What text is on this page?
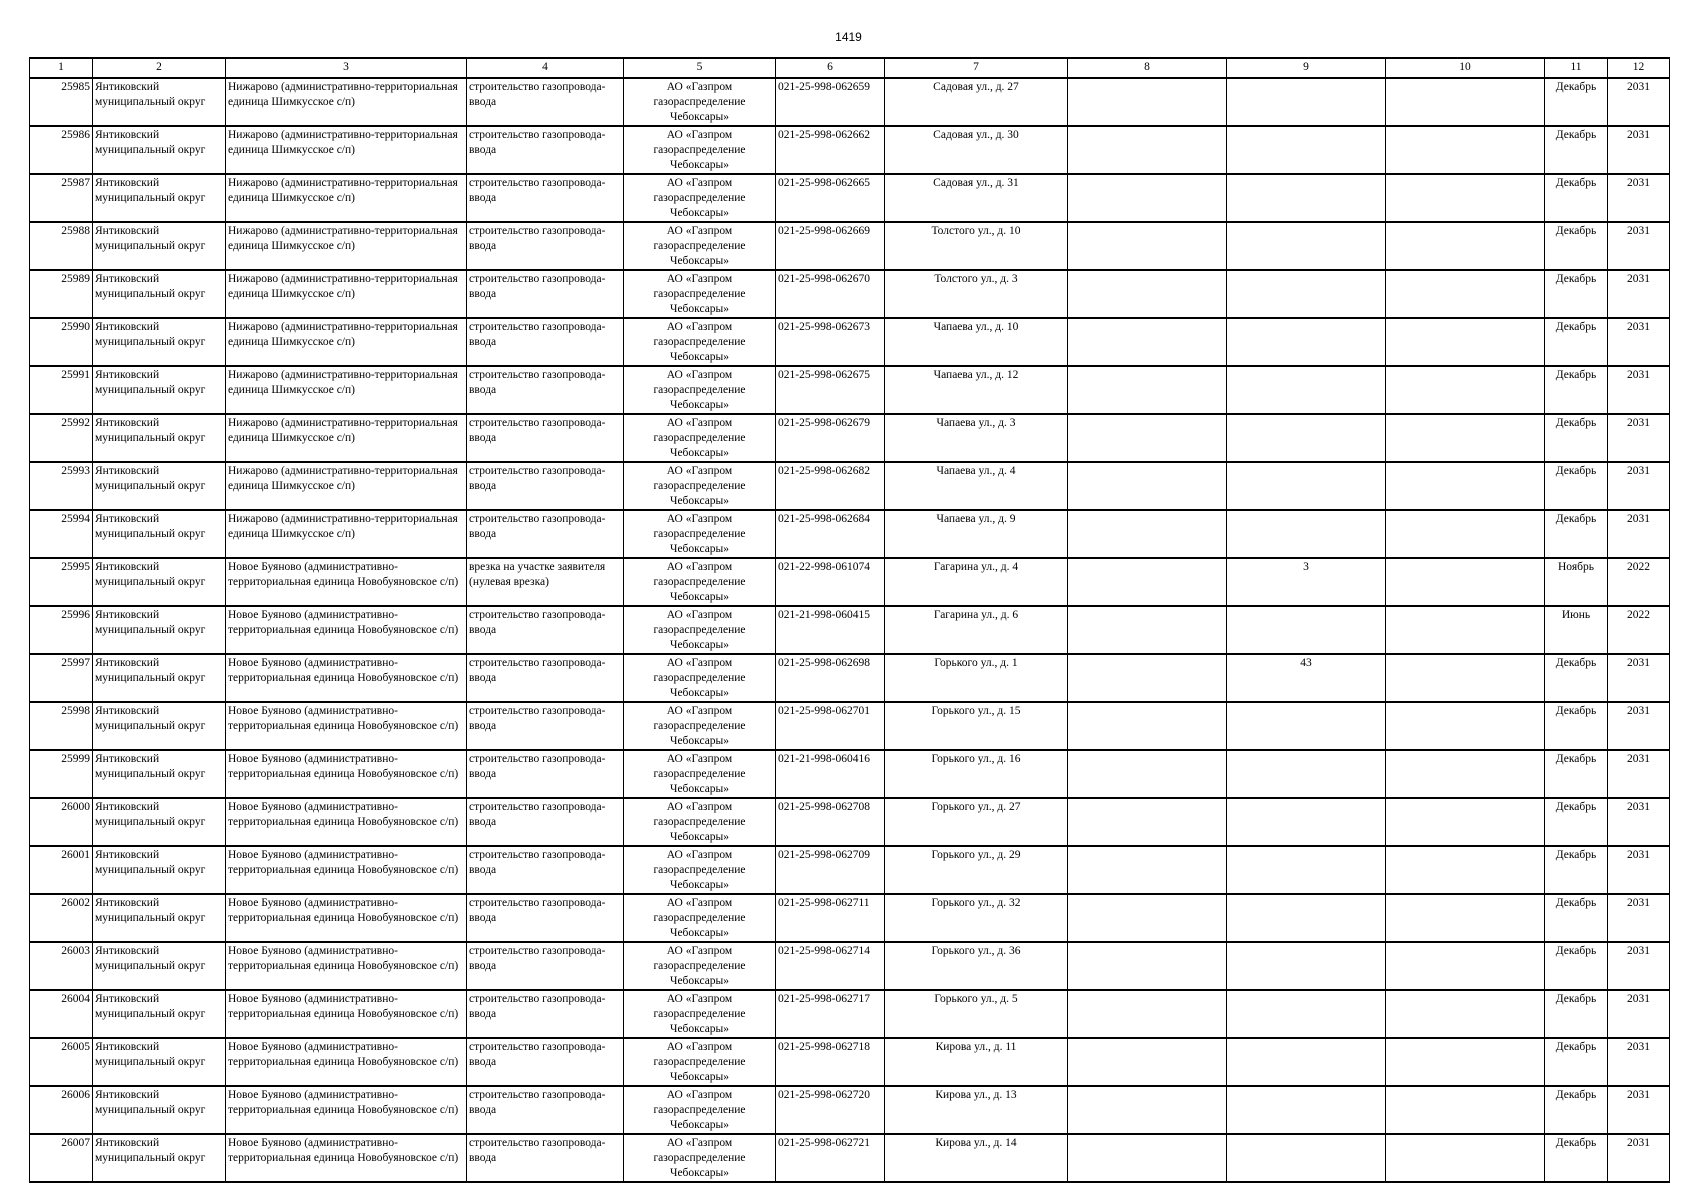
1419
1	2	3	4	5	6	7	8	9	10	11	12
25985	Янтиковский муниципальный округ	Нижарово (административно-территориальная единица Шимкусское с/п)	строительство газопровода-ввода	АО «Газпром газораспределение Чебоксары»	021-25-998-062659	Садовая ул., д. 27				Декабрь	2031
25986	Янтиковский муниципальный округ	Нижарово (административно-территориальная единица Шимкусское с/п)	строительство газопровода-ввода	АО «Газпром газораспределение Чебоксары»	021-25-998-062662	Садовая ул., д. 30				Декабрь	2031
25987	Янтиковский муниципальный округ	Нижарово (административно-территориальная единица Шимкусское с/п)	строительство газопровода-ввода	АО «Газпром газораспределение Чебоксары»	021-25-998-062665	Садовая ул., д. 31				Декабрь	2031
25988	Янтиковский муниципальный округ	Нижарово (административно-территориальная единица Шимкусское с/п)	строительство газопровода-ввода	АО «Газпром газораспределение Чебоксары»	021-25-998-062669	Толстого ул., д. 10				Декабрь	2031
25989	Янтиковский муниципальный округ	Нижарово (административно-территориальная единица Шимкусское с/п)	строительство газопровода-ввода	АО «Газпром газораспределение Чебоксары»	021-25-998-062670	Толстого ул., д. 3				Декабрь	2031
25990	Янтиковский муниципальный округ	Нижарово (административно-территориальная единица Шимкусское с/п)	строительство газопровода-ввода	АО «Газпром газораспределение Чебоксары»	021-25-998-062673	Чапаева ул., д. 10				Декабрь	2031
25991	Янтиковский муниципальный округ	Нижарово (административно-территориальная единица Шимкусское с/п)	строительство газопровода-ввода	АО «Газпром газораспределение Чебоксары»	021-25-998-062675	Чапаева ул., д. 12				Декабрь	2031
25992	Янтиковский муниципальный округ	Нижарово (административно-территориальная единица Шимкусское с/п)	строительство газопровода-ввода	АО «Газпром газораспределение Чебоксары»	021-25-998-062679	Чапаева ул., д. 3				Декабрь	2031
25993	Янтиковский муниципальный округ	Нижарово (административно-территориальная единица Шимкусское с/п)	строительство газопровода-ввода	АО «Газпром газораспределение Чебоксары»	021-25-998-062682	Чапаева ул., д. 4				Декабрь	2031
25994	Янтиковский муниципальный округ	Нижарово (административно-территориальная единица Шимкусское с/п)	строительство газопровода-ввода	АО «Газпром газораспределение Чебоксары»	021-25-998-062684	Чапаева ул., д. 9				Декабрь	2031
25995	Янтиковский муниципальный округ	Новое Буяново (административно-территориальная единица Новобуяновское с/п)	врезка на участке заявителя (нулевая врезка)	АО «Газпром газораспределение Чебоксары»	021-22-998-061074	Гагарина ул., д. 4		3		Ноябрь	2022
25996	Янтиковский муниципальный округ	Новое Буяново (административно-территориальная единица Новобуяновское с/п)	строительство газопровода-ввода	АО «Газпром газораспределение Чебоксары»	021-21-998-060415	Гагарина ул., д. 6				Июнь	2022
25997	Янтиковский муниципальный округ	Новое Буяново (административно-территориальная единица Новобуяновское с/п)	строительство газопровода-ввода	АО «Газпром газораспределение Чебоксары»	021-25-998-062698	Горького ул., д. 1		43		Декабрь	2031
25998	Янтиковский муниципальный округ	Новое Буяново (административно-территориальная единица Новобуяновское с/п)	строительство газопровода-ввода	АО «Газпром газораспределение Чебоксары»	021-25-998-062701	Горького ул., д. 15				Декабрь	2031
25999	Янтиковский муниципальный округ	Новое Буяново (административно-территориальная единица Новобуяновское с/п)	строительство газопровода-ввода	АО «Газпром газораспределение Чебоксары»	021-21-998-060416	Горького ул., д. 16				Декабрь	2031
26000	Янтиковский муниципальный округ	Новое Буяново (административно-территориальная единица Новобуяновское с/п)	строительство газопровода-ввода	АО «Газпром газораспределение Чебоксары»	021-25-998-062708	Горького ул., д. 27				Декабрь	2031
26001	Янтиковский муниципальный округ	Новое Буяново (административно-территориальная единица Новобуяновское с/п)	строительство газопровода-ввода	АО «Газпром газораспределение Чебоксары»	021-25-998-062709	Горького ул., д. 29				Декабрь	2031
26002	Янтиковский муниципальный округ	Новое Буяново (административно-территориальная единица Новобуяновское с/п)	строительство газопровода-ввода	АО «Газпром газораспределение Чебоксары»	021-25-998-062711	Горького ул., д. 32				Декабрь	2031
26003	Янтиковский муниципальный округ	Новое Буяново (административно-территориальная единица Новобуяновское с/п)	строительство газопровода-ввода	АО «Газпром газораспределение Чебоксары»	021-25-998-062714	Горького ул., д. 36				Декабрь	2031
26004	Янтиковский муниципальный округ	Новое Буяново (административно-территориальная единица Новобуяновское с/п)	строительство газопровода-ввода	АО «Газпром газораспределение Чебоксары»	021-25-998-062717	Горького ул., д. 5				Декабрь	2031
26005	Янтиковский муниципальный округ	Новое Буяново (административно-территориальная единица Новобуяновское с/п)	строительство газопровода-ввода	АО «Газпром газораспределение Чебоксары»	021-25-998-062718	Кирова ул., д. 11				Декабрь	2031
26006	Янтиковский муниципальный округ	Новое Буяново (административно-территориальная единица Новобуяновское с/п)	строительство газопровода-ввода	АО «Газпром газораспределение Чебоксары»	021-25-998-062720	Кирова ул., д. 13				Декабрь	2031
26007	Янтиковский муниципальный округ	Новое Буяново (административно-территориальная единица Новобуяновское с/п)	строительство газопровода-ввода	АО «Газпром газораспределение Чебоксары»	021-25-998-062721	Кирова ул., д. 14				Декабрь	2031
